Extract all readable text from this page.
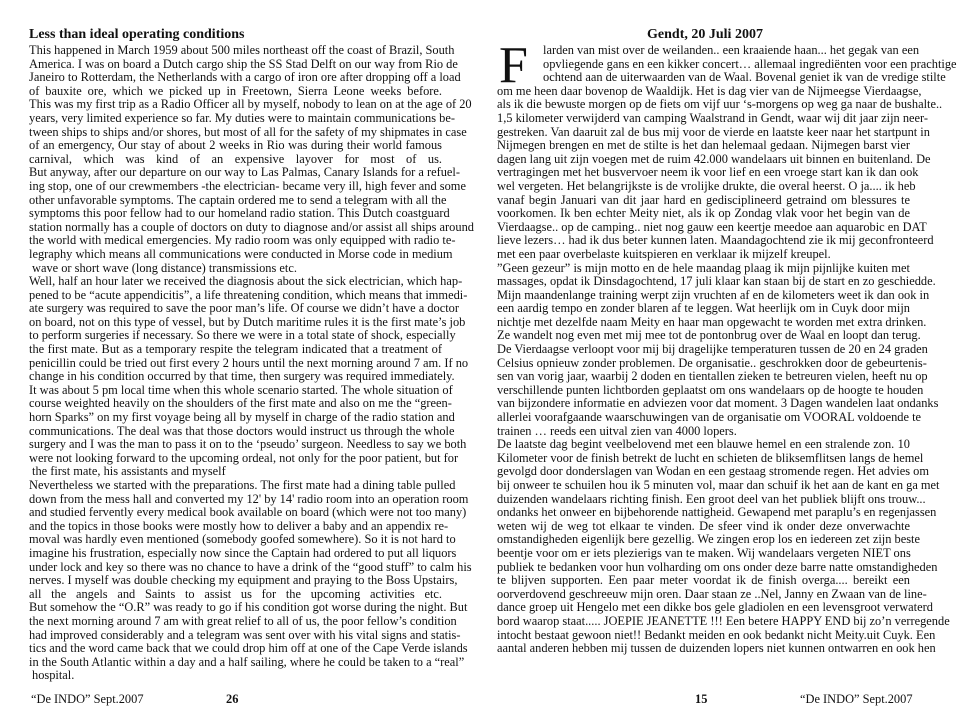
Less than ideal operating conditions
This happened in March 1959 about 500 miles northeast off the coast of Brazil, South
America. I was on board a Dutch cargo ship the SS Stad Delft on our way from Rio de
Janeiro to Rotterdam, the Netherlands with a cargo of iron ore after dropping off a load
of bauxite ore, which we picked up in Freetown, Sierra Leone weeks before.
This was my first trip as a Radio Officer all by myself, nobody to lean on at the age of 20
years, very limited experience so far. My duties were to maintain communications be-
tween ships to ships and/or shores, but most of all for the safety of my shipmates in case
of an emergency, Our stay of about 2 weeks in Rio was during their world famous
carnival, which was kind of an expensive layover for most of us.
But anyway, after our departure on our way to Las Palmas, Canary Islands for a refuel-
ing stop, one of our crewmembers -the electrician- became very ill, high fever and some
other unfavorable symptoms. The captain ordered me to send a telegram with all the
symptoms this poor fellow had to our homeland radio station. This Dutch coastguard
station normally has a couple of doctors on duty to diagnose and/or assist all ships around
the world with medical emergencies. My radio room was only equipped with radio te-
legraphy which means all communications were conducted in Morse code in medium
wave or short wave (long distance) transmissions etc.
Well, half an hour later we received the diagnosis about the sick electrician, which hap-
pened to be “acute appendicitis”, a life threatening condition, which means that immedi-
ate surgery was required to save the poor man’s life. Of course we didn’t have a doctor
on board, not on this type of vessel, but by Dutch maritime rules it is the first mate’s job
to perform surgeries if necessary. So there we were in a total state of shock, especially
the first mate. But as a temporary respite the telegram indicated that a treatment of
penicillin could be tried out first every 2 hours until the next morning around 7 am. If no
change in his condition occurred by that time, then surgery was required immediately.
It was about 5 pm local time when this whole scenario started. The whole situation of
course weighted heavily on the shoulders of the first mate and also on me the “green-
horn Sparks” on my first voyage being all by myself in charge of the radio station and
communications. The deal was that those doctors would instruct us through the whole
surgery and I was the man to pass it on to the ‘pseudo’ surgeon. Needless to say we both
were not looking forward to the upcoming ordeal, not only for the poor patient, but for
the first mate, his assistants and myself
Nevertheless we started with the preparations. The first mate had a dining table pulled
down from the mess hall and converted my 12' by 14' radio room into an operation room
and studied fervently every medical book available on board (which were not too many)
and the topics in those books were mostly how to deliver a baby and an appendix re-
moval was hardly even mentioned (somebody goofed somewhere). So it is not hard to
imagine his frustration, especially now since the Captain had ordered to put all liquors
under lock and key so there was no chance to have a drink of the “good stuff” to calm his
nerves. I myself was double checking my equipment and praying to the Boss Upstairs,
all the angels and Saints to assist us for the upcoming activities etc.
But somehow the “O.R” was ready to go if his condition got worse during the night. But
the next morning around 7 am with great relief to all of us, the poor fellow’s condition
had improved considerably and a telegram was sent over with his vital signs and statis-
tics and the word came back that we could drop him off at one of the Cape Verde islands
in the South Atlantic within a day and a half sailing, where he could be taken to a “real”
hospital.
“De INDO” Sept.2007	26
Gendt, 20 Juli 2007
F	larden van mist over de weilanden.. een kraaiende haan... het gegak van een
opvliegende gans en een kikker concert… allemaal ingrediënten voor een prachtige
ochtend aan de uiterwaarden van de Waal. Bovenal geniet ik van de vredige stilte
om me heen daar bovenop de Waaldijk. Het is dag vier van de Nijmeegse Vierdaagse,
als ik die bewuste morgen op de fiets om vijf uur ‘s-morgens op weg ga naar de bushalte..
1,5 kilometer verwijderd van camping Waalstrand in Gendt, waar wij dit jaar zijn neer-
gestreken. Van daaruit zal de bus mij voor de vierde en laatste keer naar het startpunt in
Nijmegen brengen en met de stilte is het dan helemaal gedaan. Nijmegen barst vier
dagen lang uit zijn voegen met de ruim 42.000 wandelaars uit binnen en buitenland. De
vertragingen met het busvervoer neem ik voor lief en een vroege start kan ik dan ook
wel vergeten. Het belangrijkste is de vrolijke drukte, die overal heerst. O ja.... ik heb
vanaf begin Januari van dit jaar hard en gedisciplineerd getraind om blessures te
voorkomen. Ik ben echter Meity niet, als ik op Zondag vlak voor het begin van de
Vierdaagse.. op de camping.. niet nog gauw een keertje meedoe aan aquarobic en DAT
lieve lezers… had ik dus beter kunnen laten. Maandagochtend zie ik mij geconfronteerd
met een paar overbelaste kuitspieren en verklaar ik mijzelf kreupel.
”Geen gezeur” is mijn motto en de hele maandag plaag ik mijn pijnlijke kuiten met
massages, opdat ik Dinsdagochtend, 17 juli klaar kan staan bij de start en zo geschiedde.
Mijn maandenlange training werpt zijn vruchten af en de kilometers weet ik dan ook in
een aardig tempo en zonder blaren af te leggen. Wat heerlijk om in Cuyk door mijn
nichtje met dezelfde naam Meity en haar man opgewacht te worden met extra drinken.
Ze wandelt nog even met mij mee tot de pontonbrug over de Waal en loopt dan terug.
De Vierdaagse verloopt voor mij bij dragelijke temperaturen tussen de 20 en 24 graden
Celsius opnieuw zonder problemen. De organisatie.. geschrokken door de gebeurtenis-
sen van vorig jaar, waarbij 2 doden en tientallen zieken te betreuren vielen, heeft nu op
verschillende punten lichtborden geplaatst om ons wandelaars op de hoogte te houden
van bijzondere informatie en adviezen voor dat moment. 3 Dagen wandelen laat ondanks
allerlei voorafgaande waarschuwingen van de organisatie om VOORAL voldoende te
trainen … reeds een uitval zien van 4000 lopers.
De laatste dag begint veelbelovend met een blauwe hemel en een stralende zon. 10
Kilometer voor de finish betrekt de lucht en schieten de bliksemflitsen langs de hemel
gevolgd door donderslagen van Wodan en een gestaag stromende regen. Het advies om
bij onweer te schuilen hou ik 5 minuten vol, maar dan schuif ik het aan de kant en ga met
duizenden wandelaars richting finish. Een groot deel van het publiek blijft ons trouw...
ondanks het onweer en bijbehorende nattigheid. Gewapend met paraplu’s en regenjassen
weten wij de weg tot elkaar te vinden. De sfeer vind ik onder deze onverwachte
omstandigheden eigenlijk bere gezellig. We zingen erop los en iedereen zet zijn beste
beentje voor om er iets plezierigs van te maken. Wij wandelaars vergeten NIET ons
publiek te bedanken voor hun volharding om ons onder deze barre natte omstandigheden
te blijven supporten. Een paar meter voordat ik de finish overga.... bereikt een
oorverdovend geschreeuw mijn oren. Daar staan ze ..Nel, Janny en Zwaan van de line-
dance groep uit Hengelo met een dikke bos gele gladiolen en een levensgroot verwaterd
bord waarop staat..... JOEPIE JEANETTE !!! Een betere HAPPY END bij zo’n verregende
intocht bestaat gewoon niet!! Bedankt meiden en ook bedankt nicht Meity.uit Cuyk. Een
aantal anderen hebben mij tussen de duizenden lopers niet kunnen ontwarren en ook hen
15	“De INDO” Sept.2007
